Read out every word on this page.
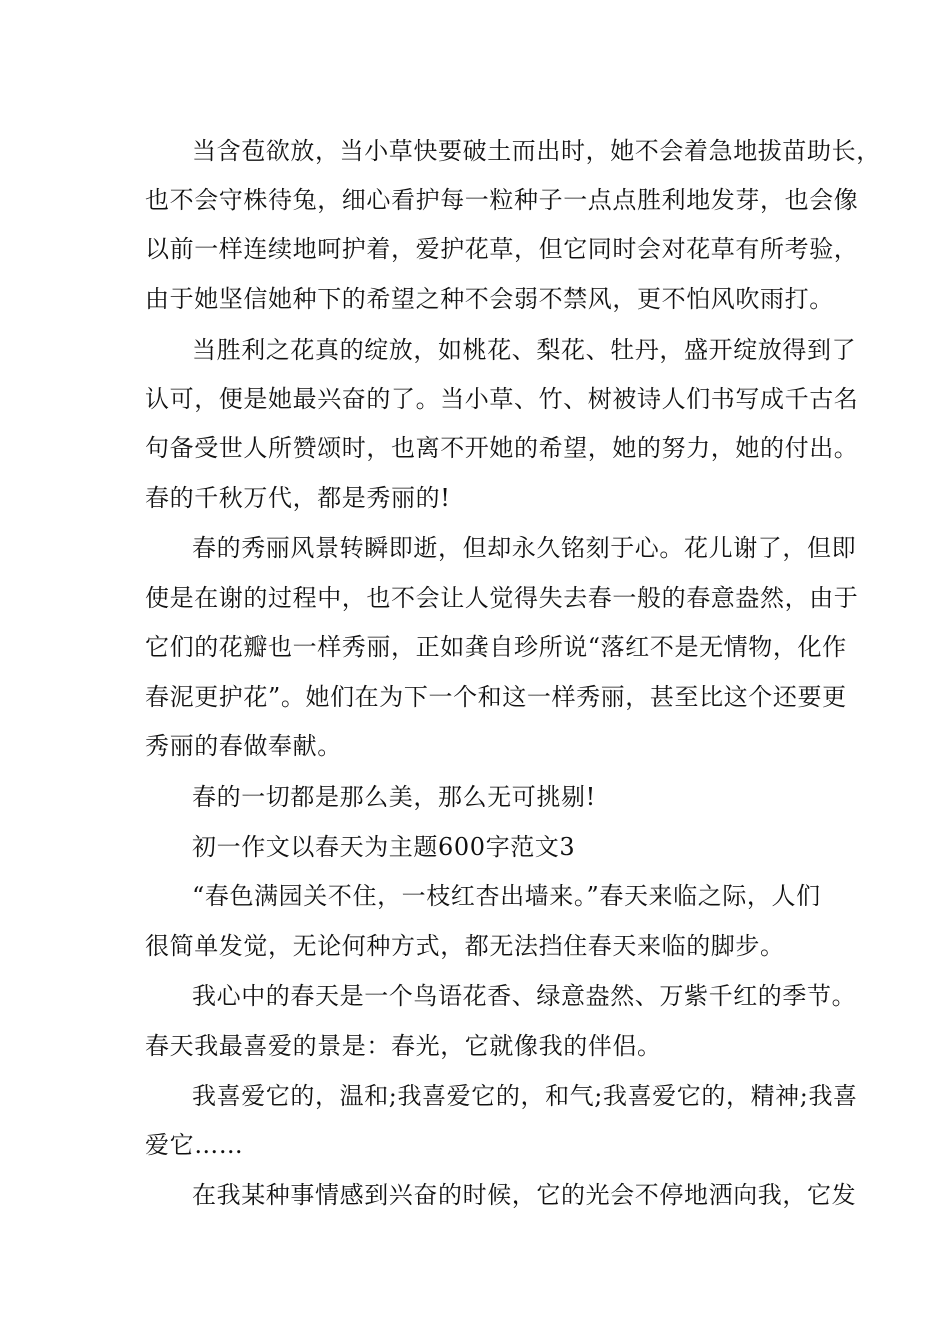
当含苞欲放，当小草快要破土而出时，她不会着急地拔苗助长，
也不会守株待兔，细心看护每一粒种子一点点胜利地发芽，也会像
以前一样连续地呵护着，爱护花草，但它同时会对花草有所考验，
由于她坚信她种下的希望之种不会弱不禁风，更不怕风吹雨打。
当胜利之花真的绽放，如桃花、梨花、牡丹，盛开绽放得到了
认可，便是她最兴奋的了。当小草、竹、树被诗人们书写成千古名
句备受世人所赞颂时，也离不开她的希望，她的努力，她的付出。
春的千秋万代，都是秀丽的!
春的秀丽风景转瞬即逝，但却永久铭刻于心。花儿谢了，但即
使是在谢的过程中，也不会让人觉得失去春一般的春意盎然，由于
它们的花瓣也一样秀丽，正如龚自珍所说“落红不是无情物，化作
春泥更护花”。她们在为下一个和这一样秀丽，甚至比这个还要更
秀丽的春做奉献。
春的一切都是那么美，那么无可挑剔!
初一作文以春天为主题600字范文3
“春色满园关不住，一枝红杏出墙来。”春天来临之际，人们
很简单发觉，无论何种方式，都无法挡住春天来临的脚步。
我心中的春天是一个鸟语花香、绿意盎然、万紫千红的季节。
春天我最喜爱的景是：春光，它就像我的伴侣。
我喜爱它的，温和;我喜爱它的，和气;我喜爱它的，精神;我喜
爱它……
在我某种事情感到兴奋的时候，它的光会不停地洒向我，它发
